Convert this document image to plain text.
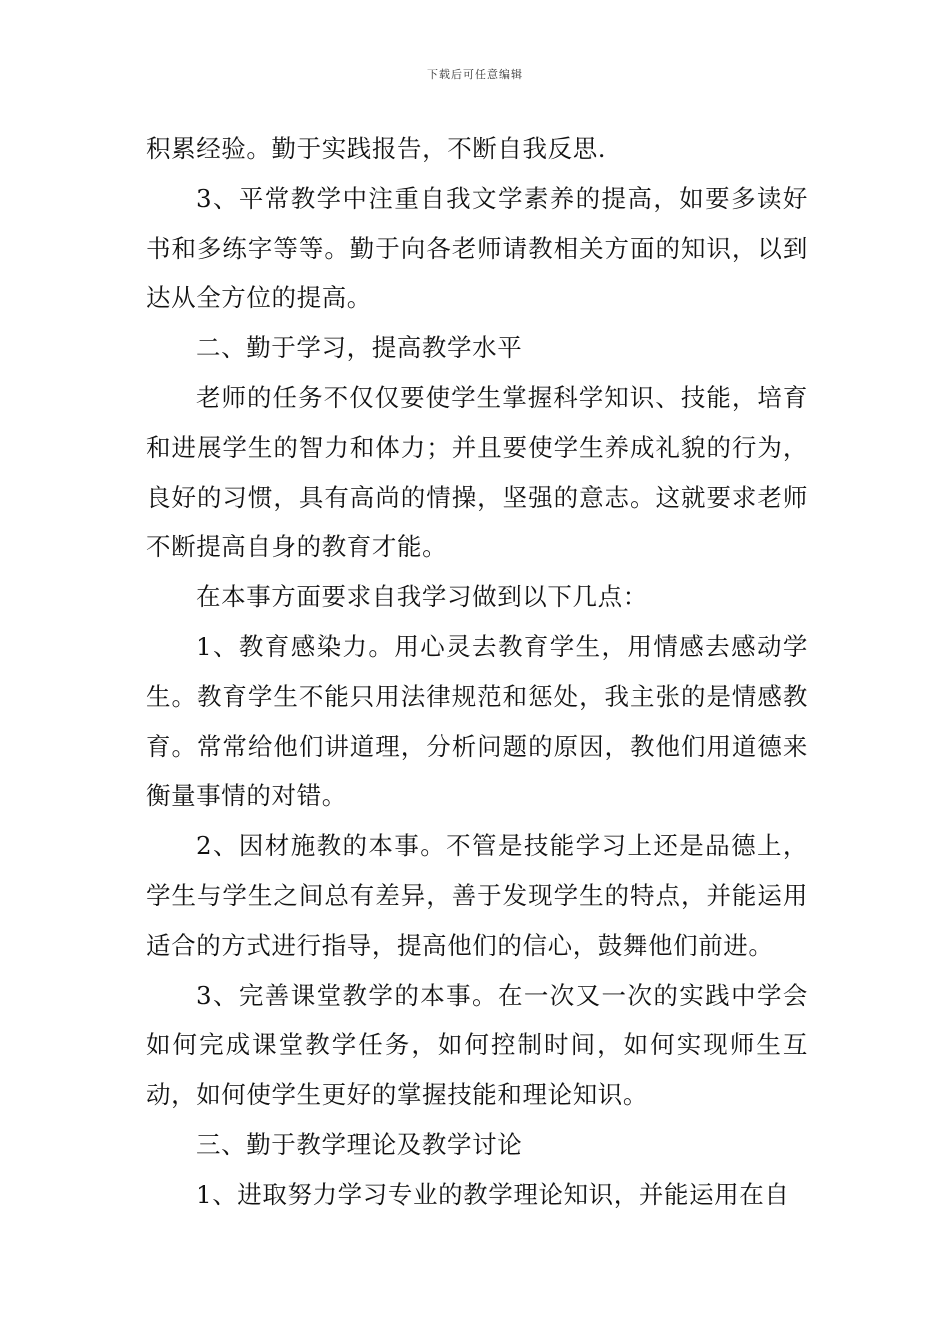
下载后可任意编辑

积累经验。勤于实践报告，不断自我反思.

3、平常教学中注重自我文学素养的提高，如要多读好书和多练字等等。勤于向各老师请教相关方面的知识，以到达从全方位的提高。

二、勤于学习，提高教学水平

老师的任务不仅仅要使学生掌握科学知识、技能，培育和进展学生的智力和体力；并且要使学生养成礼貌的行为，良好的习惯，具有高尚的情操，坚强的意志。这就要求老师不断提高自身的教育才能。

在本事方面要求自我学习做到以下几点：

1、教育感染力。用心灵去教育学生，用情感去感动学生。教育学生不能只用法律规范和惩处，我主张的是情感教育。常常给他们讲道理，分析问题的原因，教他们用道德来衡量事情的对错。

2、因材施教的本事。不管是技能学习上还是品德上，学生与学生之间总有差异，善于发现学生的特点，并能运用适合的方式进行指导，提高他们的信心，鼓舞他们前进。

3、完善课堂教学的本事。在一次又一次的实践中学会如何完成课堂教学任务，如何控制时间，如何实现师生互动，如何使学生更好的掌握技能和理论知识。

三、勤于教学理论及教学讨论

1、进取努力学习专业的教学理论知识，并能运用在自
